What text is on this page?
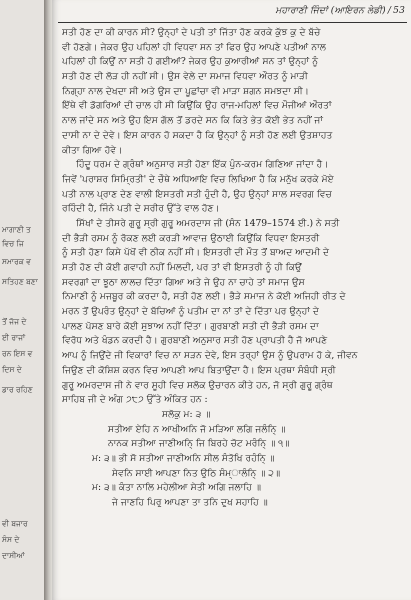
ਮਾਗਾਣੀ ਤ
ਵਿਚ ਜਿ
ਸਮਾਰਕ ਵ
ਸਤਿਹਣ ਬਣਾ
ਤੋਂ ਜੱਜ ਦੇ
ਈ ਰਾਜਾਂ
ਰਨ ਇਸ ਵ
ਦਿਸ ਦੇ
ਡਾਰ ਰਹਿਣ
ਵੀ ਬਜਾਰ
ਸੰਸ ਦੇ
ਦਾਸੀਆਂ
ਮਹਾਰਾਣੀ ਜਿੰਦਾਂ (ਆਇਰਨ ਲੇਡੀ) / 53
ਸਤੀ ਹੋਣ ਦਾ ਕੀ ਕਾਰਨ ਸੀ? ਉਨ੍ਹਾਂ ਦੇ ਪਤੀ ਤਾਂ ਜਿੱਤਾ ਹੋਣ ਕਰਕੇ ਕੁੱਝ ਕੁ ਦੇ ਬੱਚੇ
ਵੀ ਹੋਣਗੇ। ਜੇਕਰ ਉਹ ਪਹਿਲਾਂ ਹੀ ਵਿਧਵਾ ਸਨ ਤਾਂ ਫਿਰ ਉਹ ਆਪਣੇ ਪਤੀਆਂ ਨਾਲ
ਪਹਿਲਾਂ ਹੀ ਕਿਉਂ ਨਾ ਸਤੀ ਹੋ ਗਈਆਂ? ਜੇਕਰ ਉਹ ਕੁਆਰੀਆਂ ਸਨ ਤਾਂ ਉਨ੍ਹਾਂ ਨੂੰ
ਸਤੀ ਹੋਣ ਦੀ ਲੋੜ ਹੀ ਨਹੀਂ ਸੀ। ਉਸ ਵੇਲੇ ਦਾ ਸਮਾਜ ਵਿਧਵਾ ਔਰਤ ਨੂੰ ਮਾੜੀ
ਨਿਗ੍ਹਾ ਨਾਲ ਦੇਖਦਾ ਸੀ ਅਤੇ ਉਸ ਦਾ ਪੂਛਾਂਚਾ ਵੀ ਮਾੜਾ ਸ਼ਗਨ ਸਮਝਦਾ ਸੀ।
ਇੱਥੇ ਵੀ ਡੋਗਰਿਆਂ ਦੀ ਚਾਲ ਹੀ ਸੀ ਕਿਉਂਕਿ ਉਹ ਰਾਜ-ਮਹਿਲਾਂ ਵਿਚ ਮੌਜੀਆਂ ਔਰਤਾਂ
ਨਾਲ ਜਾਂਦੇ ਸਨ ਅਤੇ ਉਹ ਇਸ ਗੱਲ ਤੋਂ ਡਰਦੇ ਸਨ ਕਿ ਕਿਤੇ ਭੇਤ ਕੋਈ ਭੇਤ ਨਹੀਂ ਜਾਂ
ਦਾਸੀ ਨਾ ਦੇ ਦੇਵੇ। ਇਸ ਕਾਰਨ ਹੋ ਸਕਦਾ ਹੈ ਕਿ ਉਨ੍ਹਾਂ ਨੂੰ ਸਤੀ ਹੋਣ ਲਈ ਉਤਸ਼ਾਹਤ
ਕੀਤਾ ਗਿਆ ਹੋਵੇ।
ਹਿੰਦੂ ਧਰਮ ਦੇ ਗ੍ਰੰਥਾਂ ਅਨੁਸਾਰ ਸਤੀ ਹੋਣਾ ਇੱਕ ਪੁੰਨ-ਕਰਮ ਗਿਣਿਆ ਜਾਂਦਾ ਹੈ।
ਜਿਵੇਂ 'ਪਰਾਸ਼ਰ ਸਿਮ੍ਰਿਤੀ' ਦੇ ਚੌਥੇ ਅਧਿਆਇ ਵਿਚ ਲਿਖਿਆ ਹੈ ਕਿ ਮਨੁੱਖ ਕਰਕੇ ਮੋਏ
ਪਤੀ ਨਾਲ ਪ੍ਰਾਣ ਦੇਣ ਵਾਲੀ ਇਸਤਰੀ ਸਤੀ ਹੁੰਦੀ ਹੈ, ਉਹ ਉਨ੍ਹਾਂ ਸਾਲ ਸਵਰਗ ਵਿਚ
ਰਹਿੰਦੀ ਹੈ, ਜਿੰਨੇ ਪਤੀ ਦੇ ਸਰੀਰ ਉੱਤੇ ਵਾਲ ਹੋਣ।
ਸਿੱਖਾਂ ਦੇ ਤੀਸਰੇ ਗੁਰੂ ਸ੍ਰੀ ਗੁਰੂ ਅਮਰਦਾਸ ਜੀ (ਸੰਨ 1479–1574 ਈ.) ਨੇ ਸਤੀ
ਦੀ ਭੈੜੀ ਰਸਮ ਨੂੰ ਰੋਕਣ ਲਈ ਕਰੜੀ ਆਵਾਜ਼ ਉਠਾਈ ਕਿਉਂਕਿ ਵਿਧਵਾ ਇਸਤਰੀ
ਨੂੰ ਸਤੀ ਹੋਣਾ ਕਿਸੇ ਪੱਖੋਂ ਵੀ ਠੀਕ ਨਹੀਂ ਸੀ। ਇਸਤਰੀ ਦੀ ਮੌਤ ਤੋਂ ਬਾਅਦ ਆਦਮੀ ਦੇ
ਸਤੀ ਹੋਣ ਦੀ ਕੋਈ ਗਵਾਹੀ ਨਹੀਂ ਮਿਲਦੀ, ਪਰ ਤਾਂ ਵੀ ਇਸਤਰੀ ਨੂੰ ਹੀ ਕਿਉਂ
ਸਵਰਗਾਂ ਦਾ ਝੂਠਾ ਲਾਲਚ ਦਿੱਤਾ ਗਿਆ ਅਤੇ ਜੇ ਉਹ ਨਾ ਚਾਹੇ ਤਾਂ ਸਮਾਜ ਉਸ
ਨਿਮਾਣੀ ਨੂੰ ਮਜਬੂਰ ਕੀ ਕਰਦਾ ਹੈ, ਸਤੀ ਹੋਣ ਲਈ। ਭੈੜੇ ਸਮਾਜ ਨੇ ਕੋਈ ਅਜਿਹੀ ਰੀਤ ਦੇ
ਮਰਨ ਤੋਂ ਉਪਰੰਤ ਉਨ੍ਹਾਂ ਦੇ ਬੱਚਿਆਂ ਨੂੰ ਪਤੀਮ ਦਾ ਨਾਂ ਤਾਂ ਦੇ ਦਿੱਤਾ ਪਰ ਉਨ੍ਹਾਂ ਦੇ
ਪਾਲਣ ਪੋਸਣ ਬਾਰੇ ਕੋਈ ਸੁਝਾਅ ਨਹੀਂ ਦਿੱਤਾ। ਗੁਰਬਾਣੀ ਸਤੀ ਦੀ ਭੈੜੀ ਰਸਮ ਦਾ
ਵਿਰੋਧ ਅਤੇ ਖੰਡਨ ਕਰਦੀ ਹੈ। ਗੁਰਬਾਣੀ ਅਨੁਸਾਰ ਸਤੀ ਹੋਣ ਪ੍ਰਾਪਤੀ ਹੈ ਜੋ ਆਪਣੇ
ਆਪ ਨੂੰ ਜਿਉਂਦੇ ਜੀ ਵਿਕਾਰਾਂ ਵਿਚ ਨਾ ਸੜਨ ਦੇਵੇ, ਇਸ ਤਰ੍ਹਾਂ ਉਸ ਨੂੰ ਉਪਰਾਮ ਹੋ ਕੇ, ਜੀਵਨ
ਜਿਉਣ ਦੀ ਕੋਸ਼ਿਸ਼ ਕਰਨ ਵਿਚ ਆਪਣੀ ਆਪ ਬਿਤਾਉਂਦਾ ਹੈ। ਇਸ ਪ੍ਰਥਾ ਸੰਬੰਧੀ ਸ੍ਰੀ
ਗੁਰੂ ਅਮਰਦਾਸ ਜੀ ਨੇ ਵਾਰ ਸੂਹੀ ਵਿਚ ਸਲੋਕ ਉਚਾਰਨ ਕੀਤੇ ਹਨ, ਜੋ ਸ੍ਰੀ ਗੁਰੂ ਗ੍ਰੰਥ
ਸਾਹਿਬ ਜੀ ਦੇ ਅੰਗ ੭੮੭ ਉੱਤੇ ਅੰਕਿਤ ਹਨ :
ਸਲੋਕੁ ਮ: ੩ ॥
ਸਤੀਆ ਏਹਿ ਨ ਆਖੀਅਨਿ ਜੋ ਮੜਿਆ ਲਗਿ ਜਲੰਨਿ੍ ॥
ਨਾਨਕ ਸਤੀਆ ਜਾਣੀਅਨਿ੍ ਜਿ ਬਿਰਹੇ ਚੋਟ ਮਰੰਨਿ੍ ॥ ੧॥
ਮ: ੩॥ ਭੀ ਸੋ ਸਤੀਆ ਜਾਣੀਅਨਿ ਸੀਲ ਸੰਤੋਖਿ ਰਹੰਨਿ੍ ॥
ਸੇਵਨਿ ਸਾਈ ਆਪਣਾ ਨਿਤ ਉਠਿ ਸੰਮ੍ਾਲੰਨਿ੍ ॥ ੨॥
ਮ: ੩॥ ਕੰਤਾ ਨਾਲਿ ਮਹੇਲੀਆ ਸੇਤੀ ਅਗਿ ਜਲਾਹਿ ॥
ਜੇ ਜਾਣਹਿ ਪਿਰੁ ਆਪਣਾ ਤਾ ਤਨਿ ਦੁਖ ਸਹਾਹਿ ॥
